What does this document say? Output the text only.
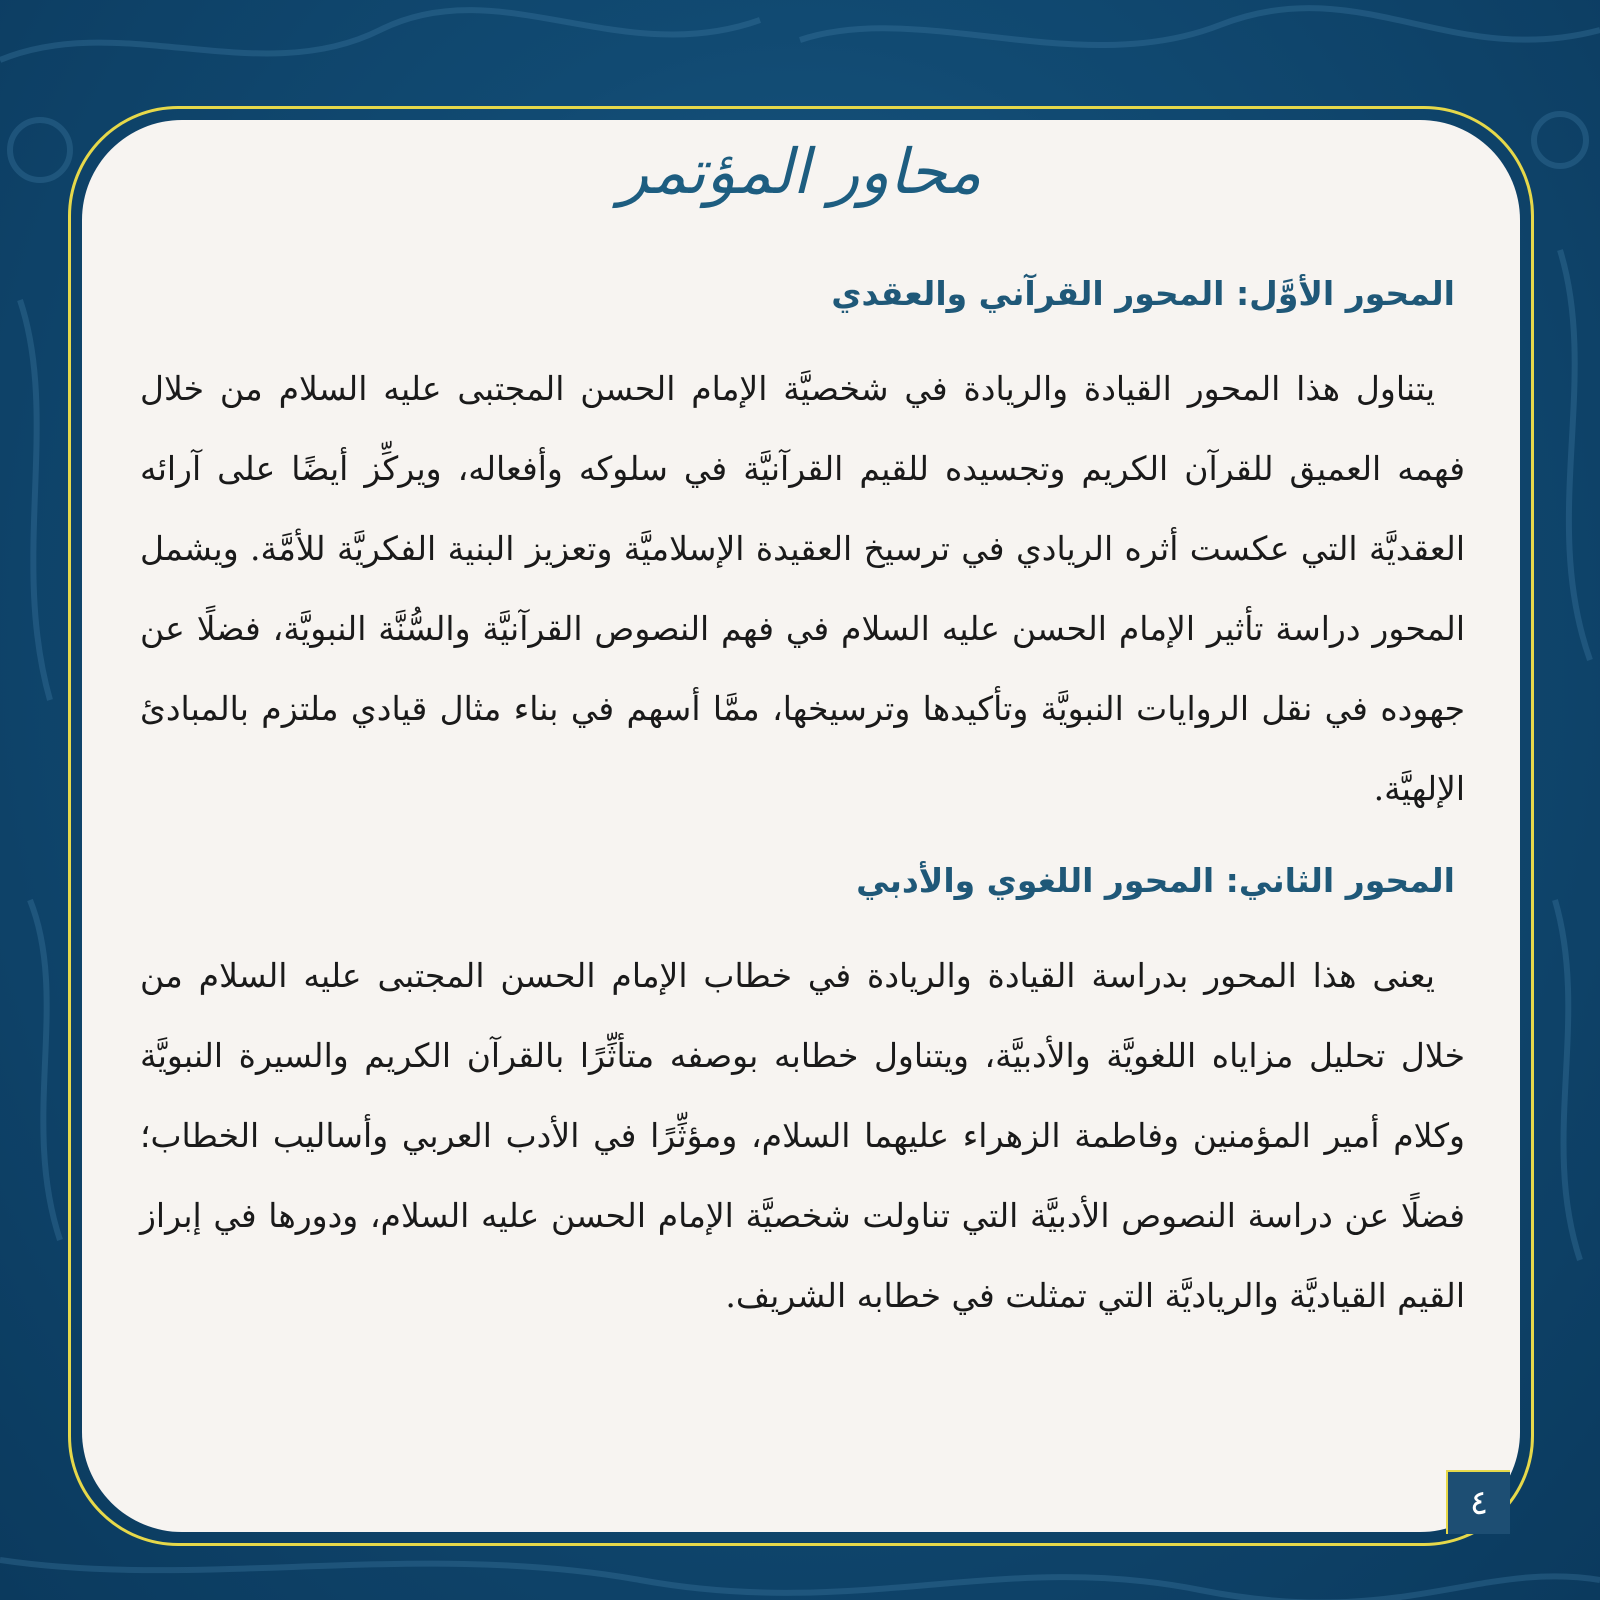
محاور المؤتمر
المحور الأوَّل: المحور القرآني والعقدي

يتناول هذا المحور القيادة والريادة في شخصيَّة الإمام الحسن المجتبى عليه السلام من خلال فهمه العميق للقرآن الكريم وتجسيده للقيم القرآنيَّة في سلوكه وأفعاله، ويركِّز أيضًا على آرائه العقديَّة التي عكست أثره الريادي في ترسيخ العقيدة الإسلاميَّة وتعزيز البنية الفكريَّة للأمَّة. ويشمل المحور دراسة تأثير الإمام الحسن عليه السلام في فهم النصوص القرآنيَّة والسُّنَّة النبويَّة، فضلًا عن جهوده في نقل الروايات النبويَّة وتأكيدها وترسيخها، ممَّا أسهم في بناء مثال قيادي ملتزم بالمبادئ الإلهيَّة.

المحور الثاني: المحور اللغوي والأدبي

يعنى هذا المحور بدراسة القيادة والريادة في خطاب الإمام الحسن المجتبى عليه السلام من خلال تحليل مزاياه اللغويَّة والأدبيَّة، ويتناول خطابه بوصفه متأثِّرًا بالقرآن الكريم والسيرة النبويَّة وكلام أمير المؤمنين وفاطمة الزهراء عليهما السلام، ومؤثِّرًا في الأدب العربي وأساليب الخطاب؛ فضلًا عن دراسة النصوص الأدبيَّة التي تناولت شخصيَّة الإمام الحسن عليه السلام، ودورها في إبراز القيم القياديَّة والرياديَّة التي تمثلت في خطابه الشريف.

٤
